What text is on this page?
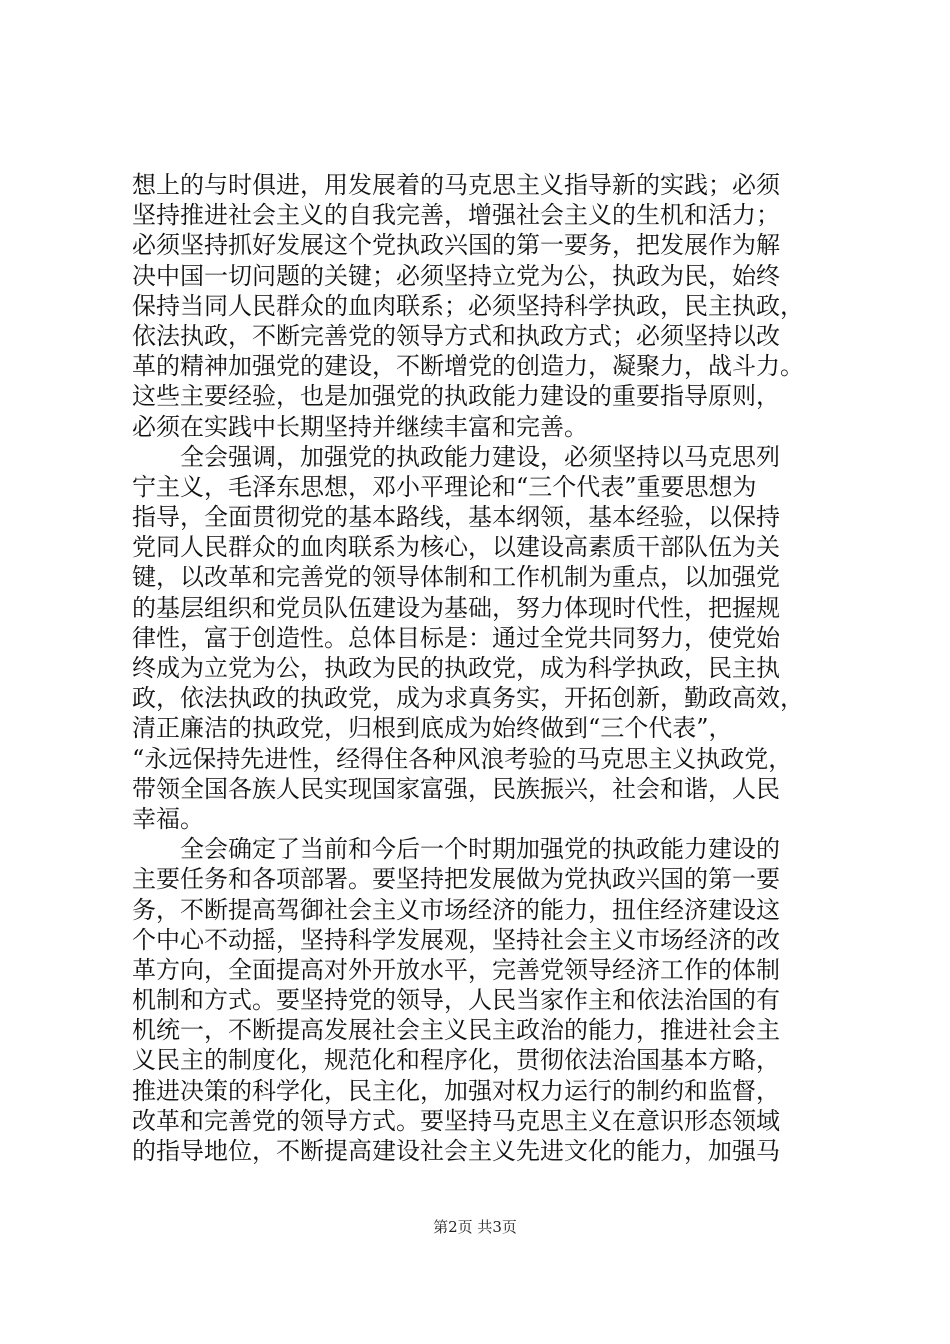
想上的与时俱进，用发展着的马克思主义指导新的实践；必须
坚持推进社会主义的自我完善，增强社会主义的生机和活力；
必须坚持抓好发展这个党执政兴国的第一要务，把发展作为解
决中国一切问题的关键；必须坚持立党为公，执政为民，始终
保持当同人民群众的血肉联系；必须坚持科学执政，民主执政，
依法执政，不断完善党的领导方式和执政方式；必须坚持以改
革的精神加强党的建设，不断增党的创造力，凝聚力，战斗力。
这些主要经验，也是加强党的执政能力建设的重要指导原则，
必须在实践中长期坚持并继续丰富和完善。
　　全会强调，加强党的执政能力建设，必须坚持以马克思列
宁主义，毛泽东思想，邓小平理论和“三个代表”重要思想为
指导，全面贯彻党的基本路线，基本纲领，基本经验，以保持
党同人民群众的血肉联系为核心，以建设高素质干部队伍为关
键，以改革和完善党的领导体制和工作机制为重点，以加强党
的基层组织和党员队伍建设为基础，努力体现时代性，把握规
律性，富于创造性。总体目标是：通过全党共同努力，使党始
终成为立党为公，执政为民的执政党，成为科学执政，民主执
政，依法执政的执政党，成为求真务实，开拓创新，勤政高效，
清正廉洁的执政党，归根到底成为始终做到“三个代表”，
“永远保持先进性，经得住各种风浪考验的马克思主义执政党，
带领全国各族人民实现国家富强，民族振兴，社会和谐，人民
幸福。
　　全会确定了当前和今后一个时期加强党的执政能力建设的
主要任务和各项部署。要坚持把发展做为党执政兴国的第一要
务，不断提高驾御社会主义市场经济的能力，扭住经济建设这
个中心不动摇，坚持科学发展观，坚持社会主义市场经济的改
革方向，全面提高对外开放水平，完善党领导经济工作的体制
机制和方式。要坚持党的领导，人民当家作主和依法治国的有
机统一，不断提高发展社会主义民主政治的能力，推进社会主
义民主的制度化，规范化和程序化，贯彻依法治国基本方略，
推进决策的科学化，民主化，加强对权力运行的制约和监督，
改革和完善党的领导方式。要坚持马克思主义在意识形态领域
的指导地位，不断提高建设社会主义先进文化的能力，加强马
第2页 共3页
